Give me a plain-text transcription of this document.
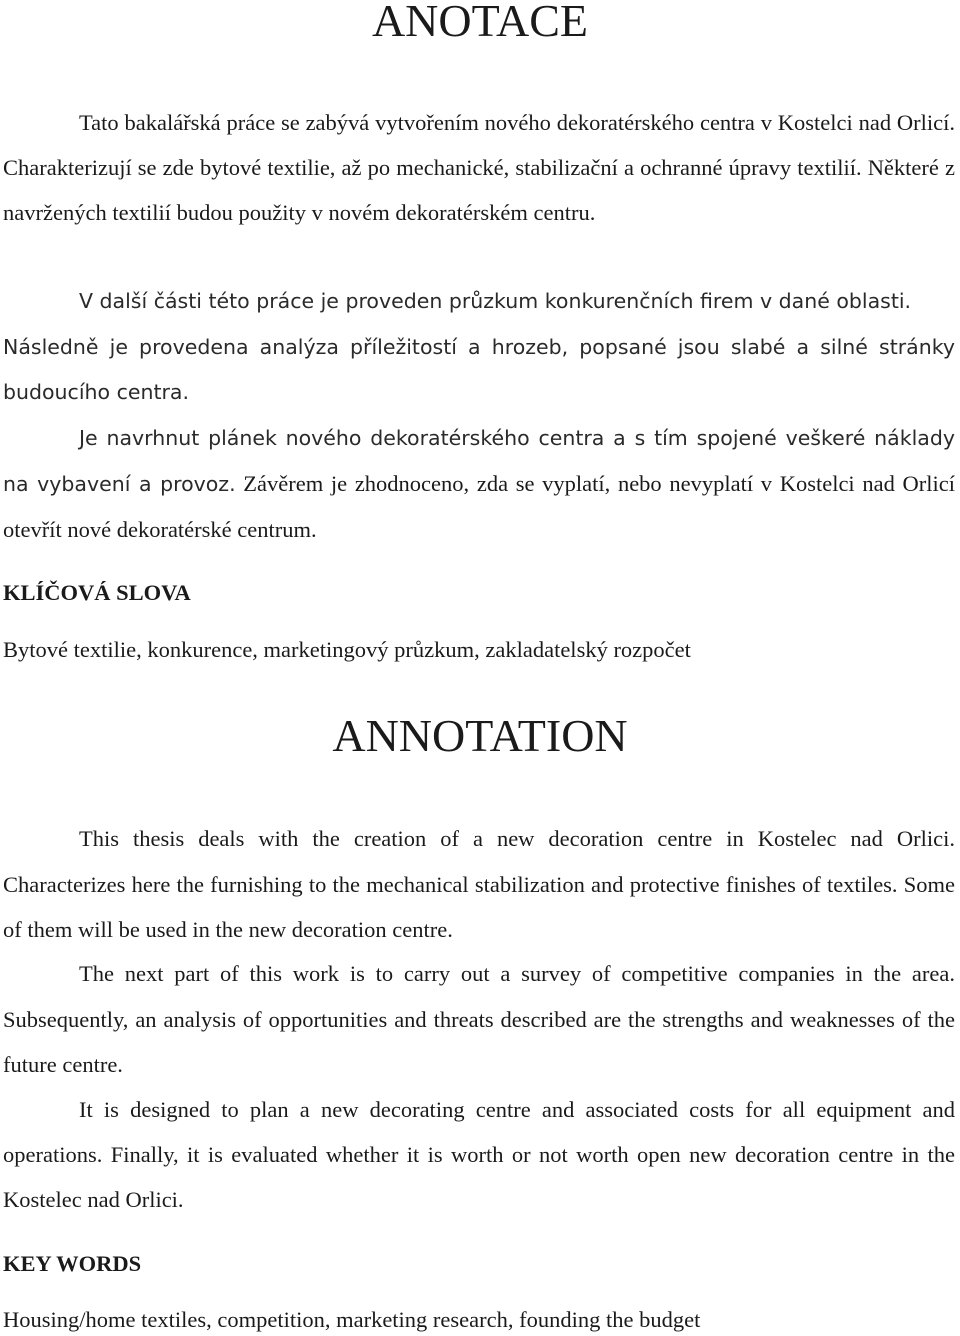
ANOTACE

Tato bakalářská práce se zabývá vytvořením nového dekoratérského centra v Kostelci nad Orlicí. Charakterizují se zde bytové textilie, až po mechanické, stabilizační a ochranné úpravy textilií. Některé z navržených textilií budou použity v novém dekoratérském centru.

V další části této práce je proveden průzkum konkurenčních firem v dané oblasti.

Následně je provedena analýza příležitostí a hrozeb, popsané jsou slabé a silné stránky budoucího centra.

Je navrhnut plánek nového dekoratérského centra a s tím spojené veškeré náklady na vybavení a provoz. Závěrem je zhodnoceno, zda se vyplatí, nebo nevyplatí v Kostelci nad Orlicí otevřít nové dekoratérské centrum.

KLÍČOVÁ SLOVA

Bytové textilie, konkurence, marketingový průzkum, zakladatelský rozpočet

ANNOTATION

This thesis deals with the creation of a new decoration centre in Kostelec nad Orlici. Characterizes here the furnishing to the mechanical stabilization and protective finishes of textiles. Some of them will be used in the new decoration centre.

The next part of this work is to carry out a survey of competitive companies in the area. Subsequently, an analysis of opportunities and threats described are the strengths and weaknesses of the future centre.

It is designed to plan a new decorating centre and associated costs for all equipment and operations. Finally, it is evaluated whether it is worth or not worth open new decoration centre in the Kostelec nad Orlici.

KEY WORDS

Housing/home textiles, competition, marketing research, founding the budget
